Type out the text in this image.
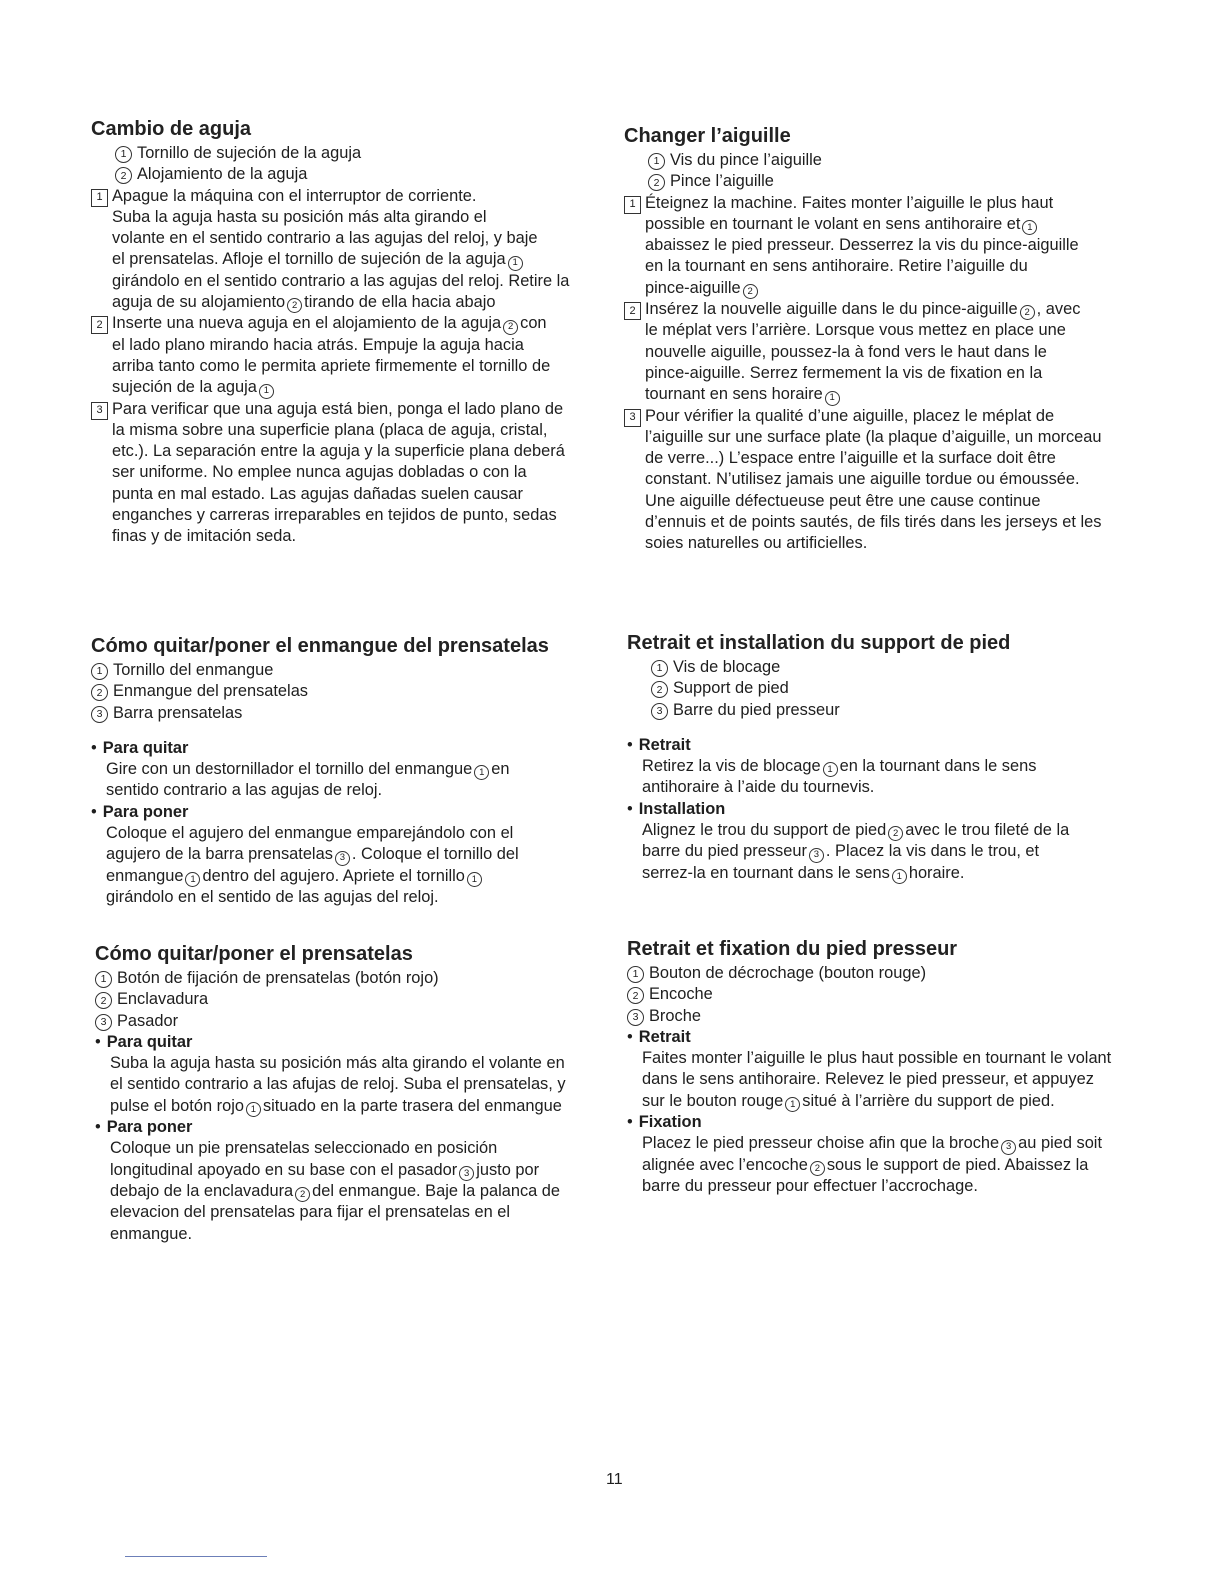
Cambio de aguja
1 Tornillo de sujeción de la aguja
2 Alojamiento de la aguja
1 Apague la máquina con el interruptor de corriente.
Suba la aguja hasta su posición más alta girando el
volante en el sentido contrario a las agujas del reloj, y baje
el prensatelas. Afloje el tornillo de sujeción de la aguja 1
girándolo en el sentido contrario a las agujas del reloj. Retire la
aguja de su alojamiento 2 tirando de ella hacia abajo
2 Inserte una nueva aguja en el alojamiento de la aguja 2 con
el lado plano mirando hacia atrás. Empuje la aguja hacia
arriba tanto como le permita apriete firmemente el tornillo de
sujeción de la aguja 1
3 Para verificar que una aguja está bien, ponga el lado plano de
la misma sobre una superficie plana (placa de aguja, cristal,
etc.). La separación entre la aguja y la superficie plana deberá
ser uniforme. No emplee nunca agujas dobladas o con la
punta en mal estado. Las agujas dañadas suelen causar
enganches y carreras irreparables en tejidos de punto, sedas
finas y de imitación seda.
Changer l’aiguille
1 Vis du pince l’aiguille
2 Pince l’aiguille
1 Éteignez la machine. Faites monter l’aiguille le plus haut
possible en tournant le volant en sens antihoraire et 1
abaissez le pied presseur. Desserrez la vis du pince-aiguille
en la tournant en sens antihoraire. Retire l’aiguille du
pince-aiguille 2
2 Insérez la nouvelle aiguille dans le du pince-aiguille 2 , avec
le méplat vers l’arrière. Lorsque vous mettez en place une
nouvelle aiguille, poussez-la à fond vers le haut dans le
pince-aiguille. Serrez fermement la vis de fixation en la
tournant en sens horaire 1
3 Pour vérifier la qualité d’une aiguille, placez le méplat de
l’aiguille sur une surface plate (la plaque d’aiguille, un morceau
de verre...) L’espace entre l’aiguille et la surface doit être
constant. N’utilisez jamais une aiguille tordue ou émoussée.
Une aiguille défectueuse peut être une cause continue
d’ennuis et de points sautés, de fils tirés dans les jerseys et les
soies naturelles ou artificielles.
Cómo quitar/poner el enmangue del prensatelas
1 Tornillo del enmangue
2 Enmangue del prensatelas
3 Barra prensatelas
• Para quitar
Gire con un destornillador el tornillo del enmangue 1 en
sentido contrario a las agujas de reloj.
• Para poner
Coloque el agujero del enmangue emparejándolo con el
agujero de la barra prensatelas 3 . Coloque el tornillo del
enmangue 1 dentro del agujero. Apriete el tornillo 1
girándolo en el sentido de las agujas del reloj.
Retrait et installation du support de pied
1 Vis de blocage
2 Support de pied
3 Barre du pied presseur
• Retrait
Retirez la vis de blocage 1 en la tournant dans le sens
antihoraire à l’aide du tournevis.
• Installation
Alignez le trou du support de pied 2 avec le trou fileté de la
barre du pied presseur 3 . Placez la vis dans le trou, et
serrez-la en tournant dans le sens 1 horaire.
Cómo quitar/poner el prensatelas
1 Botón de fijación de prensatelas (botón rojo)
2 Enclavadura
3 Pasador
• Para quitar
Suba la aguja hasta su posición más alta girando el volante en
el sentido contrario a las afujas de reloj. Suba el prensatelas, y
pulse el botón rojo 1 situado en la parte trasera del enmangue
• Para poner
Coloque un pie prensatelas seleccionado en posición
longitudinal apoyado en su base con el pasador 3 justo por
debajo de la enclavadura 2 del enmangue. Baje la palanca de
elevacion del prensatelas para fijar el prensatelas en el
enmangue.
Retrait et fixation du pied presseur
1 Bouton de décrochage (bouton rouge)
2 Encoche
3 Broche
• Retrait
Faites monter l’aiguille le plus haut possible en tournant le volant
dans le sens antihoraire. Relevez le pied presseur, et appuyez
sur le bouton rouge 1 situé à l’arrière du support de pied.
• Fixation
Placez le pied presseur choise afin que la broche 3 au pied soit
alignée avec l’encoche 2 sous le support de pied. Abaissez la
barre du presseur pour effectuer l’accrochage.
11
